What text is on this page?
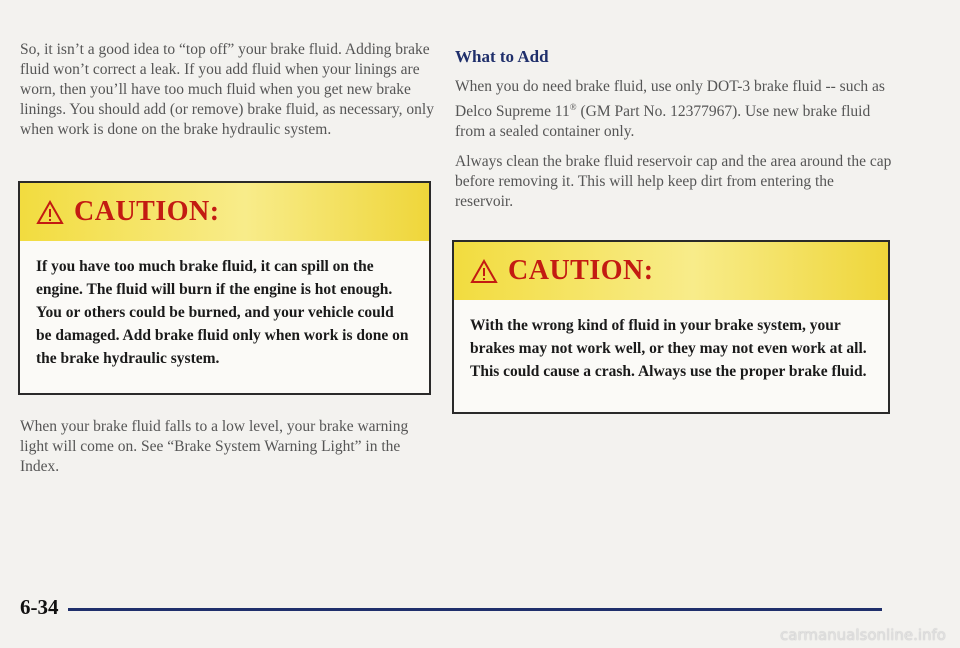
So, it isn’t a good idea to “top off” your brake fluid. Adding brake fluid won’t correct a leak. If you add fluid when your linings are worn, then you’ll have too much fluid when you get new brake linings. You should add (or remove) brake fluid, as necessary, only when work is done on the brake hydraulic system.

CAUTION:
If you have too much brake fluid, it can spill on the engine. The fluid will burn if the engine is hot enough. You or others could be burned, and your vehicle could be damaged. Add brake fluid only when work is done on the brake hydraulic system.

When your brake fluid falls to a low level, your brake warning light will come on. See “Brake System Warning Light” in the Index.

What to Add

When you do need brake fluid, use only DOT-3 brake fluid -- such as Delco Supreme 11® (GM Part No. 12377967). Use new brake fluid from a sealed container only.

Always clean the brake fluid reservoir cap and the area around the cap before removing it. This will help keep dirt from entering the reservoir.

CAUTION:
With the wrong kind of fluid in your brake system, your brakes may not work well, or they may not even work at all. This could cause a crash. Always use the proper brake fluid.
6-34
carmanualsonline.info
